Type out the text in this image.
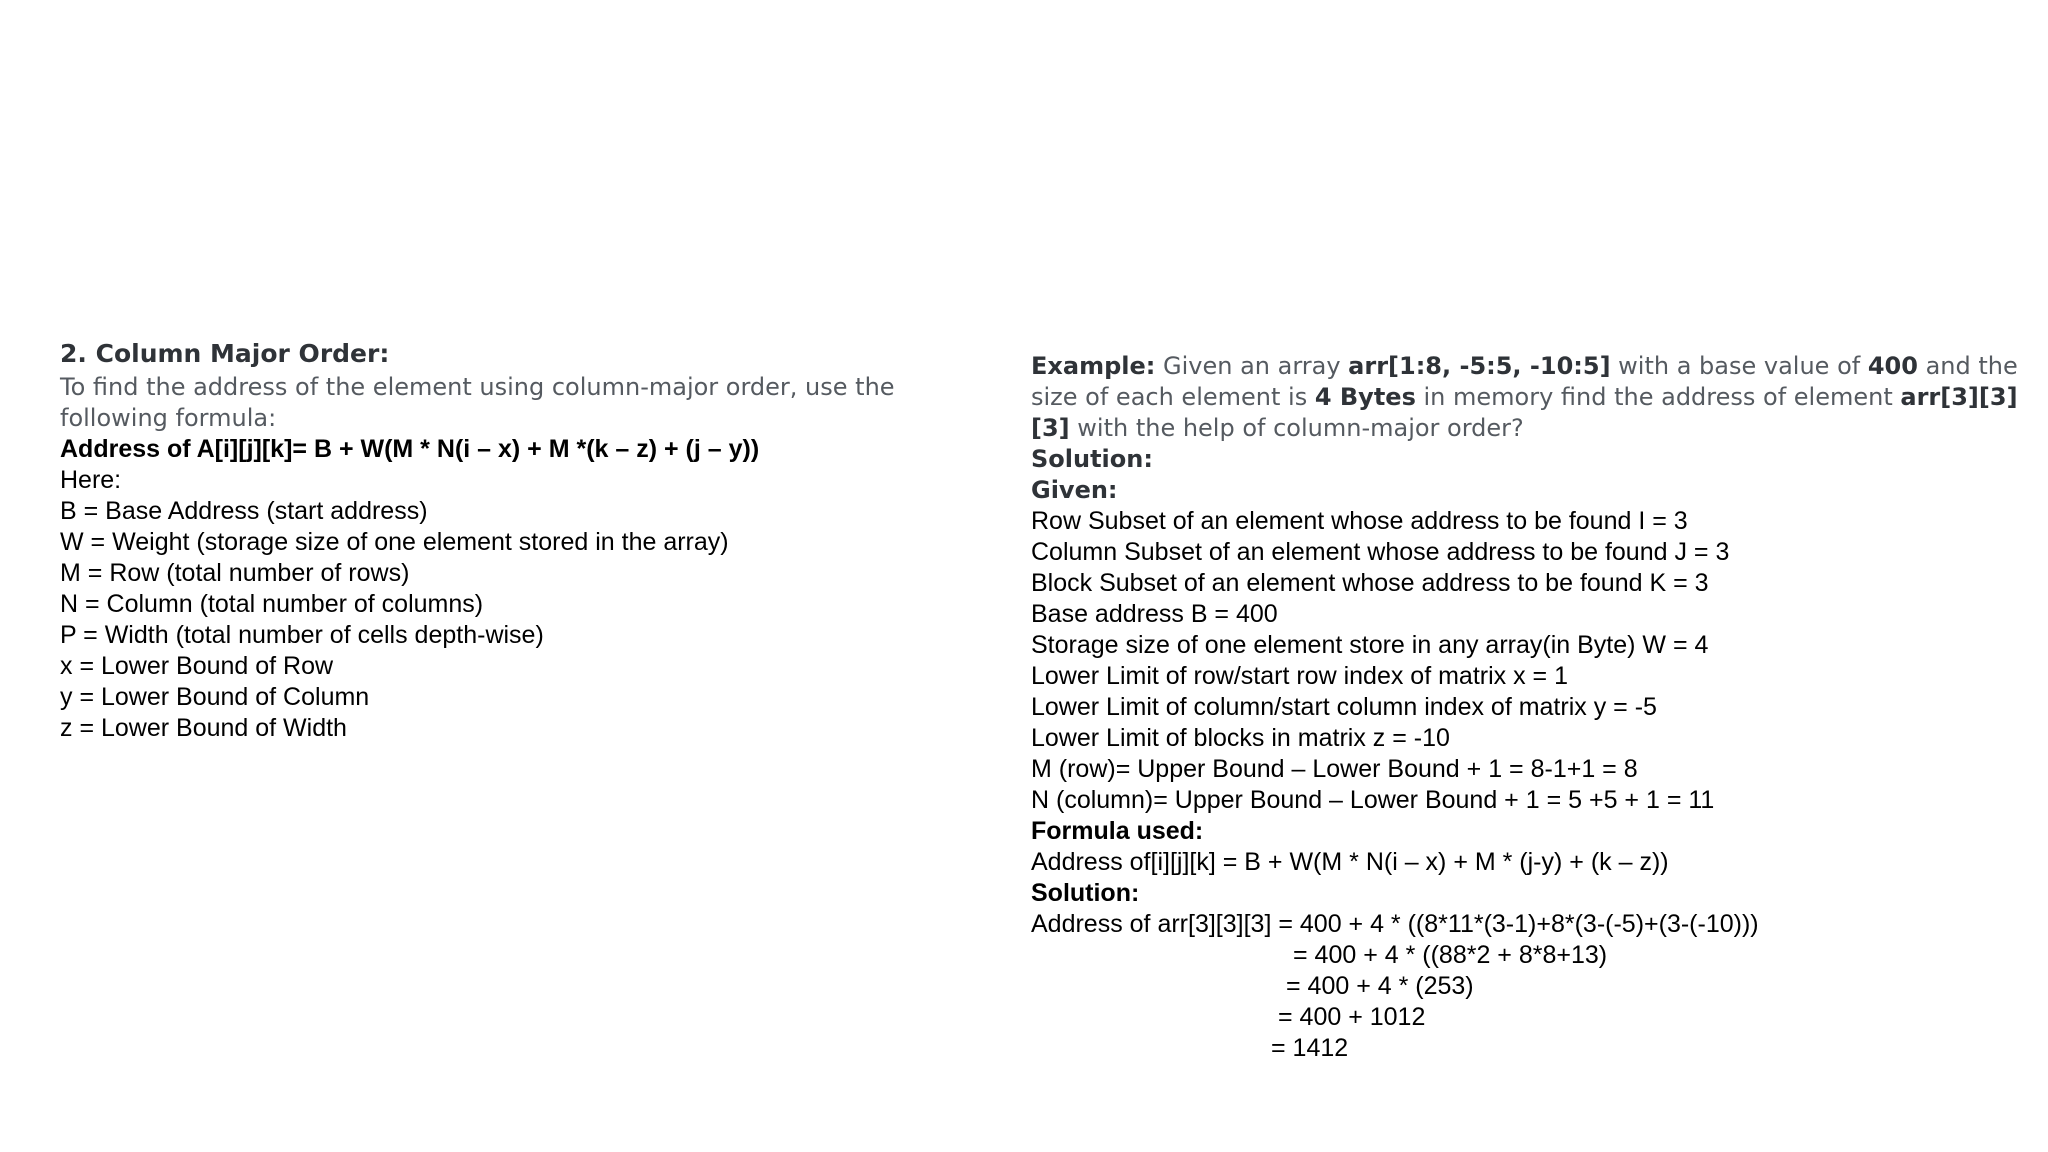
2. Column Major Order:

To find the address of the element using column-major order, use the following formula:

Address of A[i][j][k]= B + W(M * N(i – x) + M *(k – z) + (j – y))

Here:

B = Base Address (start address)

W = Weight (storage size of one element stored in the array)

M = Row (total number of rows)

N = Column (total number of columns)

P = Width (total number of cells depth-wise)

x = Lower Bound of Row

y = Lower Bound of Column

z = Lower Bound of Width

Example: Given an array arr[1:8, -5:5, -10:5] with a base value of 400 and the size of each element is 4 Bytes in memory find the address of element arr[3][3][3] with the help of column-major order?

Solution:

Given:

Row Subset of an element whose address to be found I = 3

Column Subset of an element whose address to be found J = 3

Block Subset of an element whose address to be found K = 3

Base address B = 400

Storage size of one element store in any array(in Byte) W = 4

Lower Limit of row/start row index of matrix x = 1

Lower Limit of column/start column index of matrix y = -5

Lower Limit of blocks in matrix z = -10

M (row)= Upper Bound – Lower Bound + 1 = 8-1+1 = 8

N (column)= Upper Bound – Lower Bound + 1 = 5 +5 + 1 = 11

Formula used:

Address of[i][j][k] = B + W(M * N(i – x) + M * (j-y) + (k – z))

Solution:

Address of arr[3][3][3] = 400 + 4 * ((8*11*(3-1)+8*(3-(-5)+(3-(-10)))

= 400 + 4 * ((88*2 + 8*8+13)

= 400 + 4 * (253)

= 400 + 1012

= 1412
